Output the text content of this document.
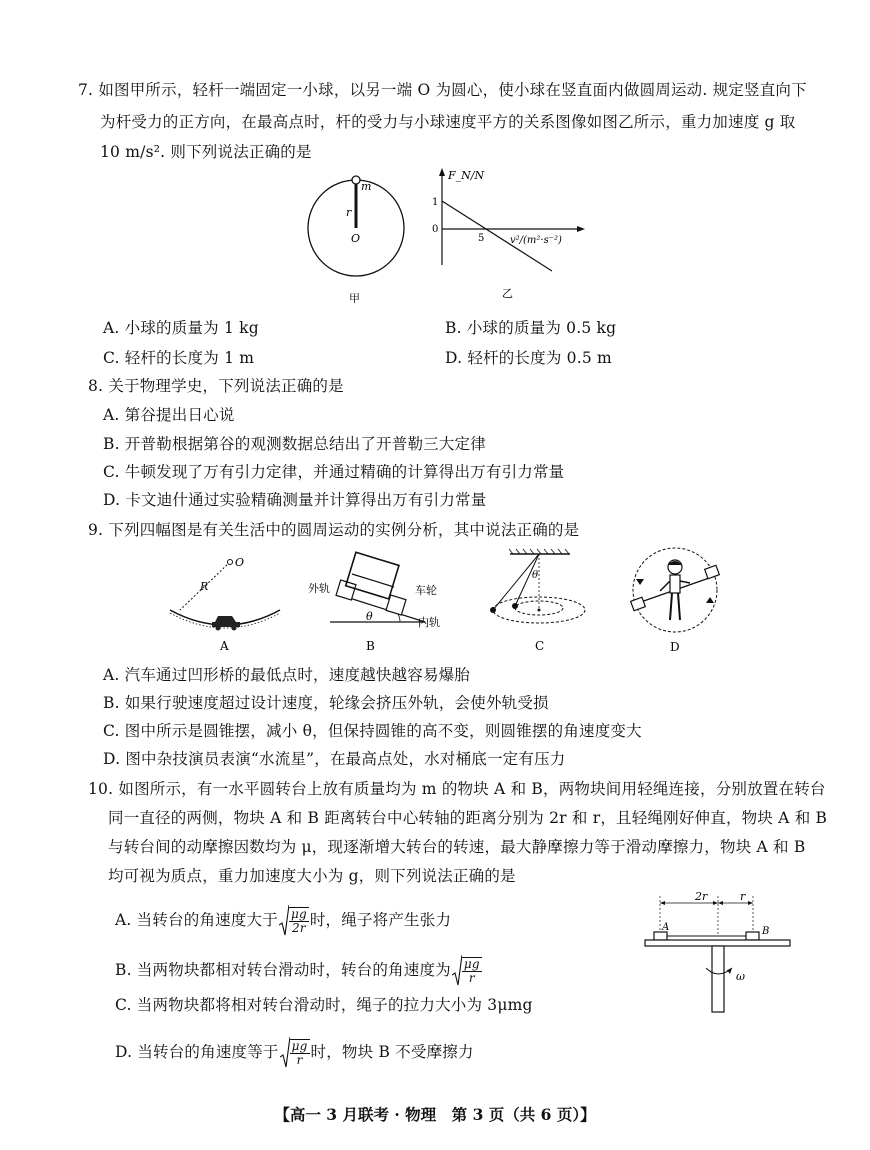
7. 如图甲所示，轻杆一端固定一小球，以另一端 O 为圆心，使小球在竖直面内做圆周运动. 规定竖直向下
为杆受力的正方向，在最高点时，杆的受力与小球速度平方的关系图像如图乙所示，重力加速度 g 取
10 m/s². 则下列说法正确的是
m
r
O
甲
F_N/N
1
0
5	v²/(m²·s⁻²)
乙
A. 小球的质量为 1 kg	B. 小球的质量为 0.5 kg
C. 轻杆的长度为 1 m	D. 轻杆的长度为 0.5 m
8. 关于物理学史，下列说法正确的是
A. 第谷提出日心说
B. 开普勒根据第谷的观测数据总结出了开普勒三大定律
C. 牛顿发现了万有引力定律，并通过精确的计算得出万有引力常量
D. 卡文迪什通过实验精确测量并计算得出万有引力常量
9. 下列四幅图是有关生活中的圆周运动的实例分析，其中说法正确的是
O
R
A
外轨	车轮
内轨
θ
B
θ
C	D
A. 汽车通过凹形桥的最低点时，速度越快越容易爆胎
B. 如果行驶速度超过设计速度，轮缘会挤压外轨，会使外轨受损
C. 图中所示是圆锥摆，减小 θ，但保持圆锥的高不变，则圆锥摆的角速度变大
D. 图中杂技演员表演“水流星”，在最高点处，水对桶底一定有压力
10. 如图所示，有一水平圆转台上放有质量均为 m 的物块 A 和 B，两物块间用轻绳连接，分别放置在转台
同一直径的两侧，物块 A 和 B 距离转台中心转轴的距离分别为 2r 和 r，且轻绳刚好伸直，物块 A 和 B
与转台间的动摩擦因数均为 μ，现逐渐增大转台的转速，最大静摩擦力等于滑动摩擦力，物块 A 和 B
均可视为质点，重力加速度大小为 g，则下列说法正确的是
A. 当转台的角速度大于 $\frac{\mu g}{2r}$ 时，绳子将产生张力
B. 当两物块都相对转台滑动时，转台的角速度为 $\frac{\mu g}{r}$
C. 当两物块都将相对转台滑动时，绳子的拉力大小为 3μmg
D. 当转台的角速度等于 $\frac{\mu g}{r}$ 时，物块 B 不受摩擦力
2r	r
A	B
ω
【高一 3 月联考 · 物理　第 3 页（共 6 页）】
